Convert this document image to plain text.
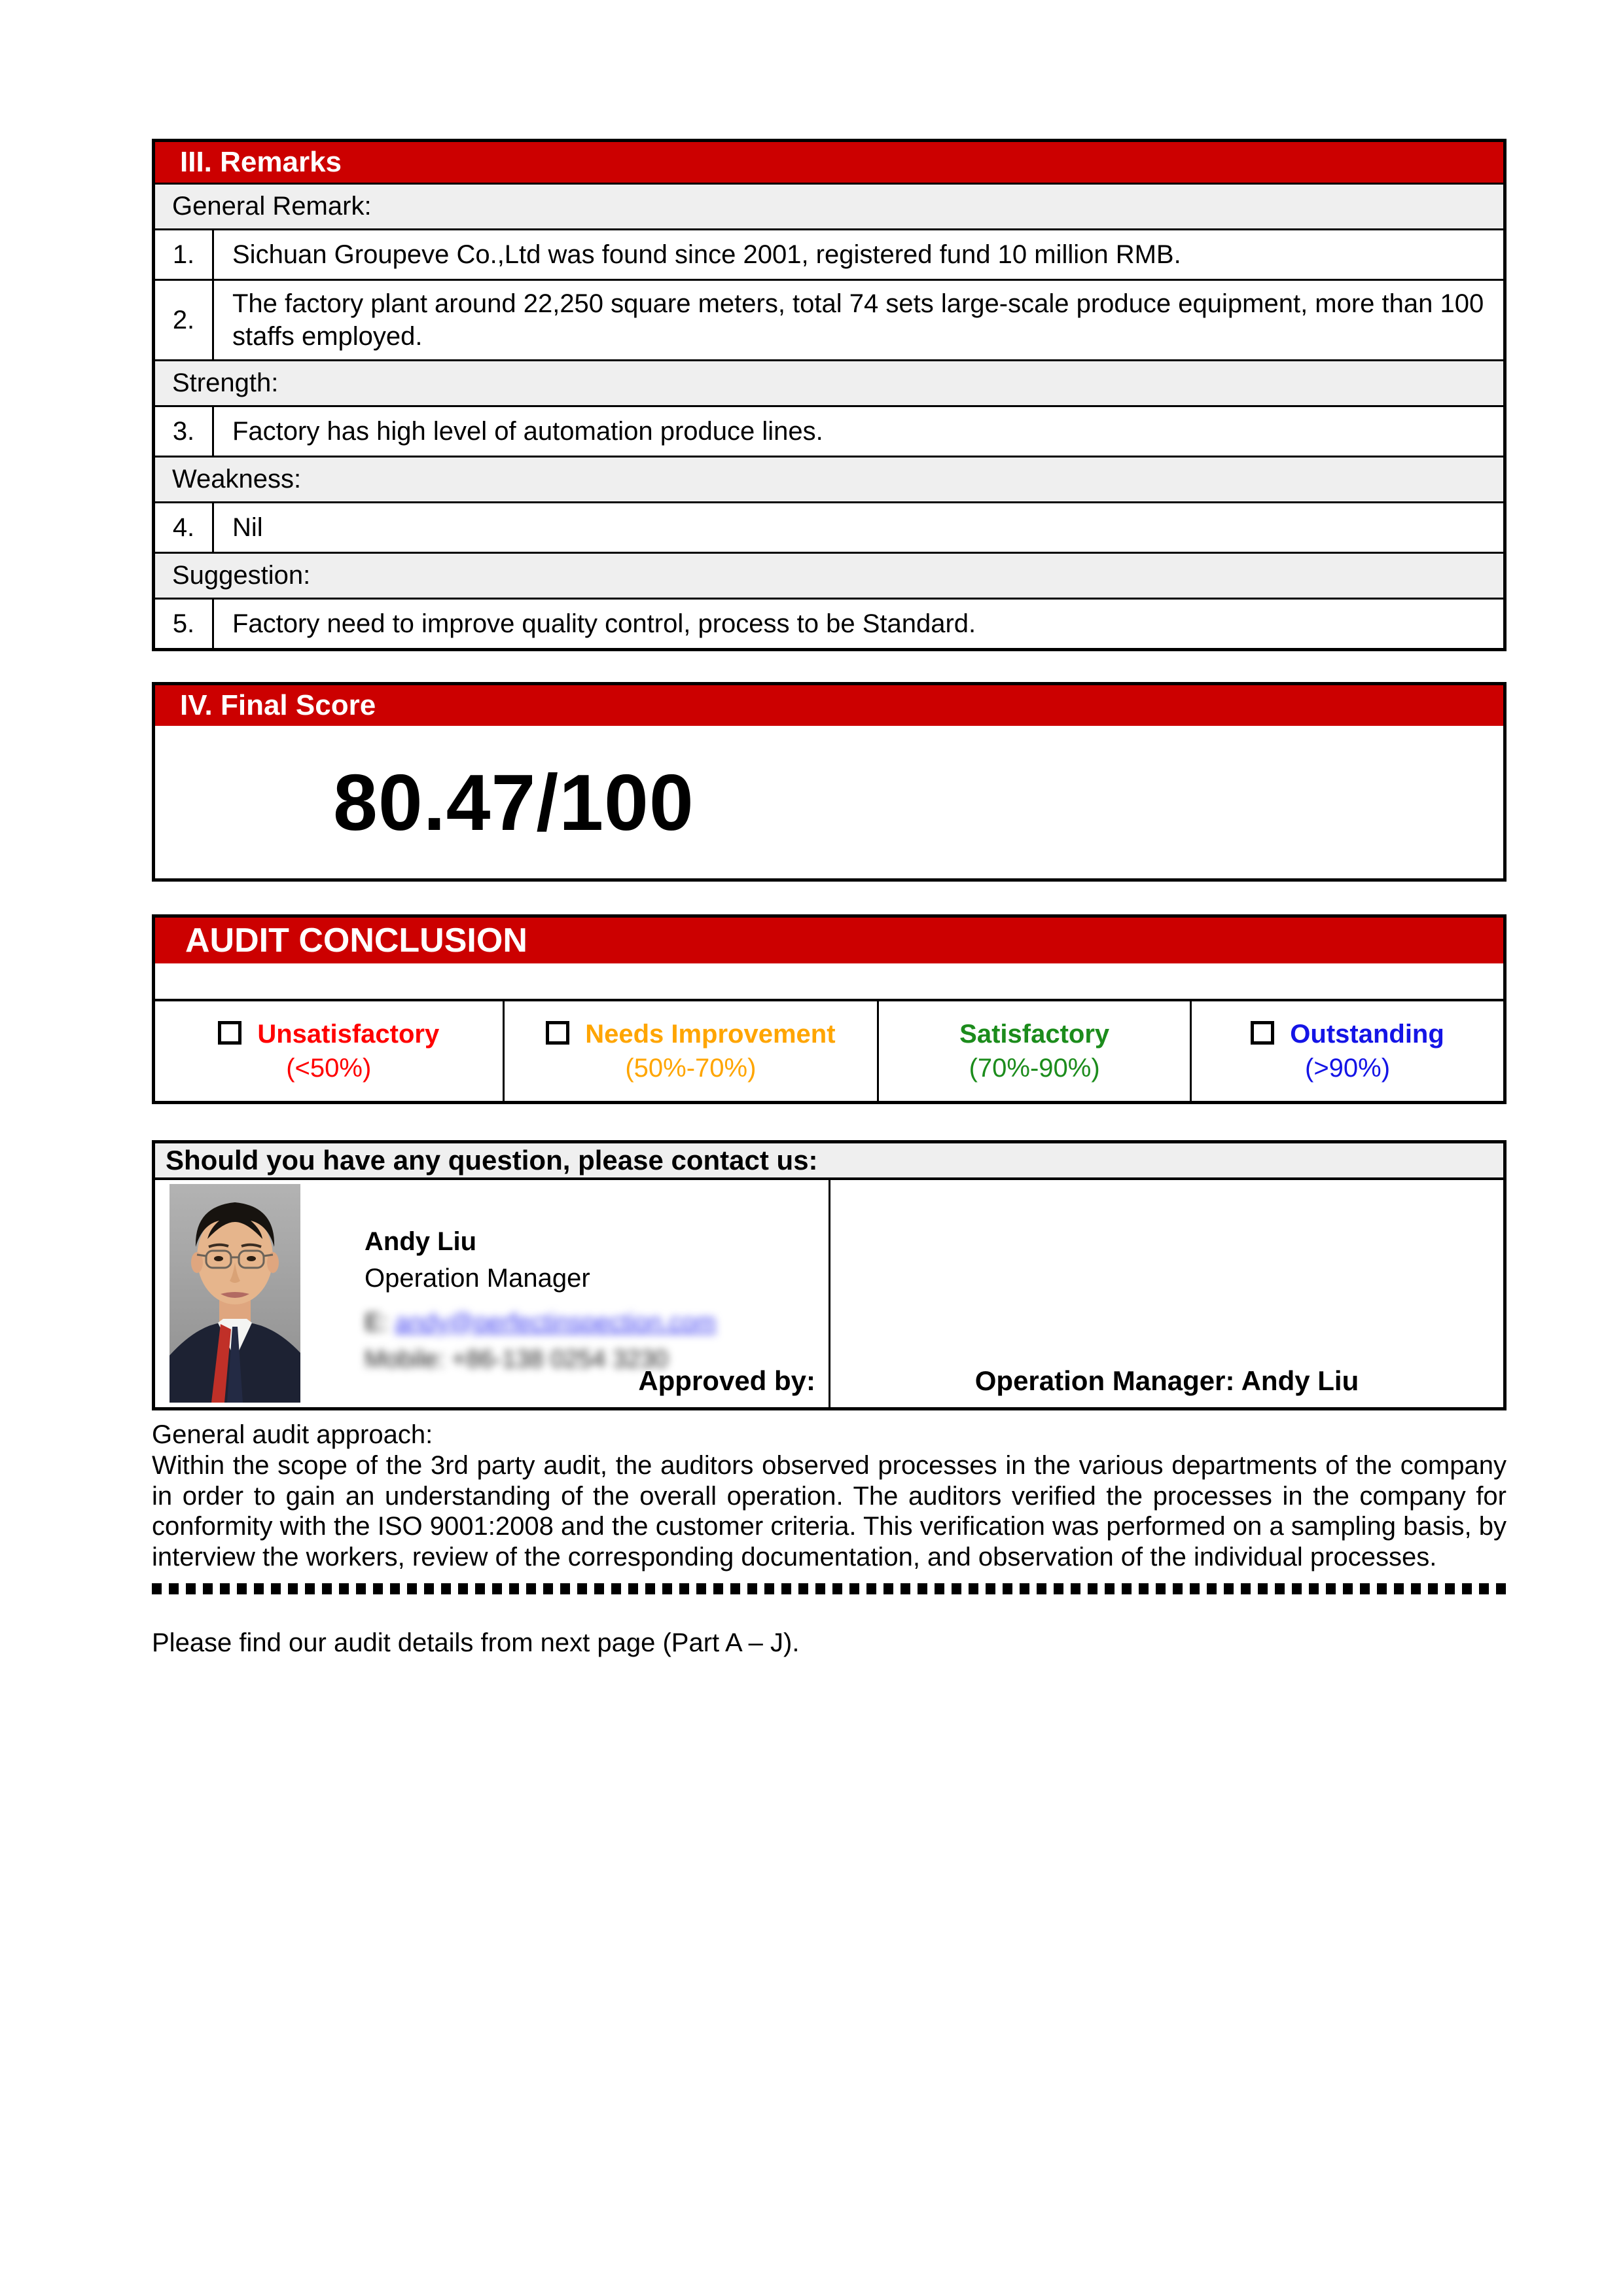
III. Remarks
General Remark:
1.	Sichuan Groupeve Co.,Ltd was found since 2001, registered fund 10 million RMB.
2.
The factory plant around 22,250 square meters, total 74 sets large-scale produce equipment, more than 100 staffs employed.
Strength:
3.	Factory has high level of automation produce lines.
Weakness:
4.	Nil
Suggestion:
5.	Factory need to improve quality control, process to be Standard.
IV. Final Score
80.47/100
AUDIT CONCLUSION
Unsatisfactory
(<50%)
Needs Improvement
(50%-70%)
Satisfactory
(70%-90%)
Outstanding
(>90%)
Should you have any question, please contact us:
Andy Liu
Operation Manager
E: andy@perfectinspection.com
Mobile: +86-138 0254 3230
Approved by:	Operation Manager: Andy Liu
General audit approach:
Within the scope of the 3rd party audit, the auditors observed processes in the various departments of the company in order to gain an understanding of the overall operation. The auditors verified the processes in the company for conformity with the ISO 9001:2008 and the customer criteria. This verification was performed on a sampling basis, by interview the workers, review of the corresponding documentation, and observation of the individual processes.
Please find our audit details from next page (Part A – J).
